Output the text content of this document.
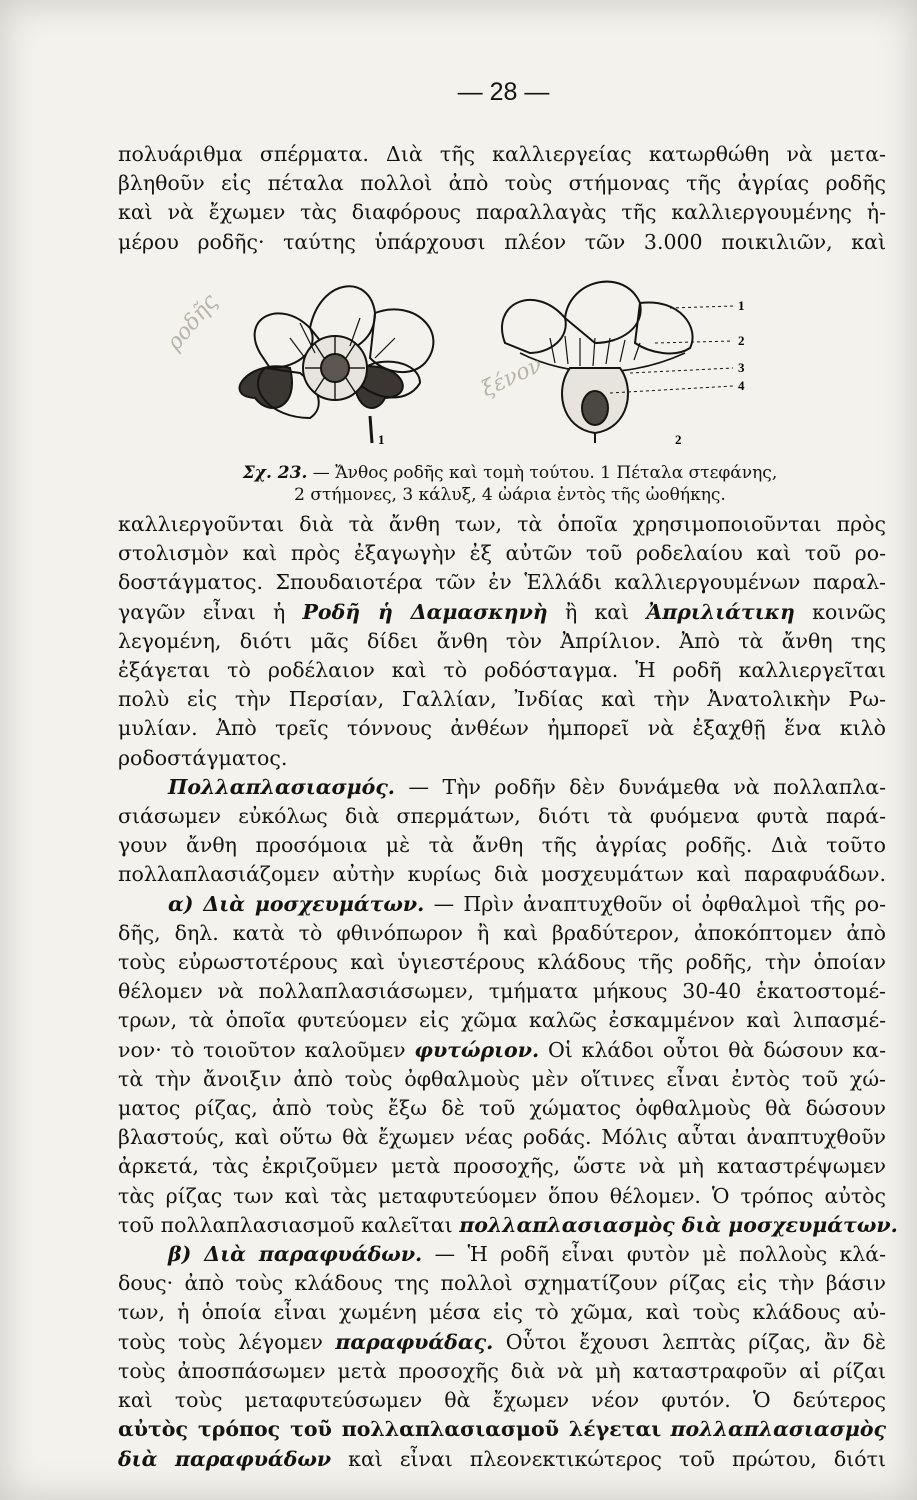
— 28 —
πολυάριθμα σπέρματα. Διὰ τῆς καλλιεργείας κατωρθώθη νὰ μετα-
βληθοῦν εἰς πέταλα πολλοὶ ἀπὸ τοὺς στήμονας τῆς ἀγρίας ροδῆς
καὶ νὰ ἔχωμεν τὰς διαφόρους παραλλαγὰς τῆς καλλιεργουμένης ἡ-
μέρου ροδῆς· ταύτης ὑπάρχουσι πλέον τῶν 3.000 ποικιλιῶν, καὶ
1
2
3
4
1	2
ροδῆς
ξένον
Σχ. 23. — Ἄνθος ροδῆς καὶ τομὴ τούτου. 1 Πέταλα στεφάνης,
2 στήμονες, 3 κάλυξ, 4 ὠάρια ἐντὸς τῆς ὠοθήκης.
καλλιεργοῦνται διὰ τὰ ἄνθη των, τὰ ὁποῖα χρησιμοποιοῦνται πρὸς
στολισμὸν καὶ πρὸς ἐξαγωγὴν ἐξ αὐτῶν τοῦ ροδελαίου καὶ τοῦ ρο-
δοστάγματος. Σπουδαιοτέρα τῶν ἐν Ἑλλάδι καλλιεργουμένων παραλ-
γαγῶν εἶναι ἡ Ροδῆ ἡ Δαμασκηνὴ ἢ καὶ Ἀπριλιάτικη κοινῶς
λεγομένη, διότι μᾶς δίδει ἄνθη τὸν Ἀπρίλιον. Ἀπὸ τὰ ἄνθη της
ἐξάγεται τὸ ροδέλαιον καὶ τὸ ροδόσταγμα. Ἡ ροδῆ καλλιεργεῖται
πολὺ εἰς τὴν Περσίαν, Γαλλίαν, Ἰνδίας καὶ τὴν Ἀνατολικὴν Ρω-
μυλίαν. Ἀπὸ τρεῖς τόννους ἀνθέων ἠμπορεῖ νὰ ἐξαχθῇ ἕνα κιλὸ
ροδοστάγματος.
Πολλαπλασιασμός. — Τὴν ροδῆν δὲν δυνάμεθα νὰ πολλαπλα-
σιάσωμεν εὐκόλως διὰ σπερμάτων, διότι τὰ φυόμενα φυτὰ παρά-
γουν ἄνθη προσόμοια μὲ τὰ ἄνθη τῆς ἀγρίας ροδῆς. Διὰ τοῦτο
πολλαπλασιάζομεν αὐτὴν κυρίως διὰ μοσχευμάτων καὶ παραφυάδων.
α) Διὰ μοσχευμάτων. — Πρὶν ἀναπτυχθοῦν οἱ ὀφθαλμοὶ τῆς ρο-
δῆς, δηλ. κατὰ τὸ φθινόπωρον ἢ καὶ βραδύτερον, ἀποκόπτομεν ἀπὸ
τοὺς εὐρωστοτέρους καὶ ὑγιεστέρους κλάδους τῆς ροδῆς, τὴν ὁποίαν
θέλομεν νὰ πολλαπλασιάσωμεν, τμήματα μήκους 30-40 ἑκατοστομέ-
τρων, τὰ ὁποῖα φυτεύομεν εἰς χῶμα καλῶς ἐσκαμμένον καὶ λιπασμέ-
νον· τὸ τοιοῦτον καλοῦμεν φυτώριον. Οἱ κλάδοι οὗτοι θὰ δώσουν κα-
τὰ τὴν ἄνοιξιν ἀπὸ τοὺς ὀφθαλμοὺς μὲν οἵτινες εἶναι ἐντὸς τοῦ χώ-
ματος ρίζας, ἀπὸ τοὺς ἔξω δὲ τοῦ χώματος ὀφθαλμοὺς θὰ δώσουν
βλαστούς, καὶ οὕτω θὰ ἔχωμεν νέας ροδάς. Μόλις αὗται ἀναπτυχθοῦν
ἀρκετά, τὰς ἐκριζοῦμεν μετὰ προσοχῆς, ὥστε νὰ μὴ καταστρέψωμεν
τὰς ρίζας των καὶ τὰς μεταφυτεύομεν ὅπου θέλομεν. Ὁ τρόπος αὐτὸς
τοῦ πολλαπλασιασμοῦ καλεῖται πολλαπλασιασμὸς διὰ μοσχευμάτων.
β) Διὰ παραφυάδων. — Ἡ ροδῆ εἶναι φυτὸν μὲ πολλοὺς κλά-
δους· ἀπὸ τοὺς κλάδους της πολλοὶ σχηματίζουν ρίζας εἰς τὴν βάσιν
των, ἡ ὁποία εἶναι χωμένη μέσα εἰς τὸ χῶμα, καὶ τοὺς κλάδους αὐ-
τοὺς τοὺς λέγομεν παραφυάδας. Οὗτοι ἔχουσι λεπτὰς ρίζας, ἂν δὲ
τοὺς ἀποσπάσωμεν μετὰ προσοχῆς διὰ νὰ μὴ καταστραφοῦν αἱ ρίζαι
καὶ τοὺς μεταφυτεύσωμεν θὰ ἔχωμεν νέον φυτόν. Ὁ δεύτερος
αὐτὸς τρόπος τοῦ πολλαπλασιασμοῦ λέγεται πολλαπλασιασμὸς
διὰ παραφυάδων καὶ εἶναι πλεονεκτικώτερος τοῦ πρώτου, διότι
